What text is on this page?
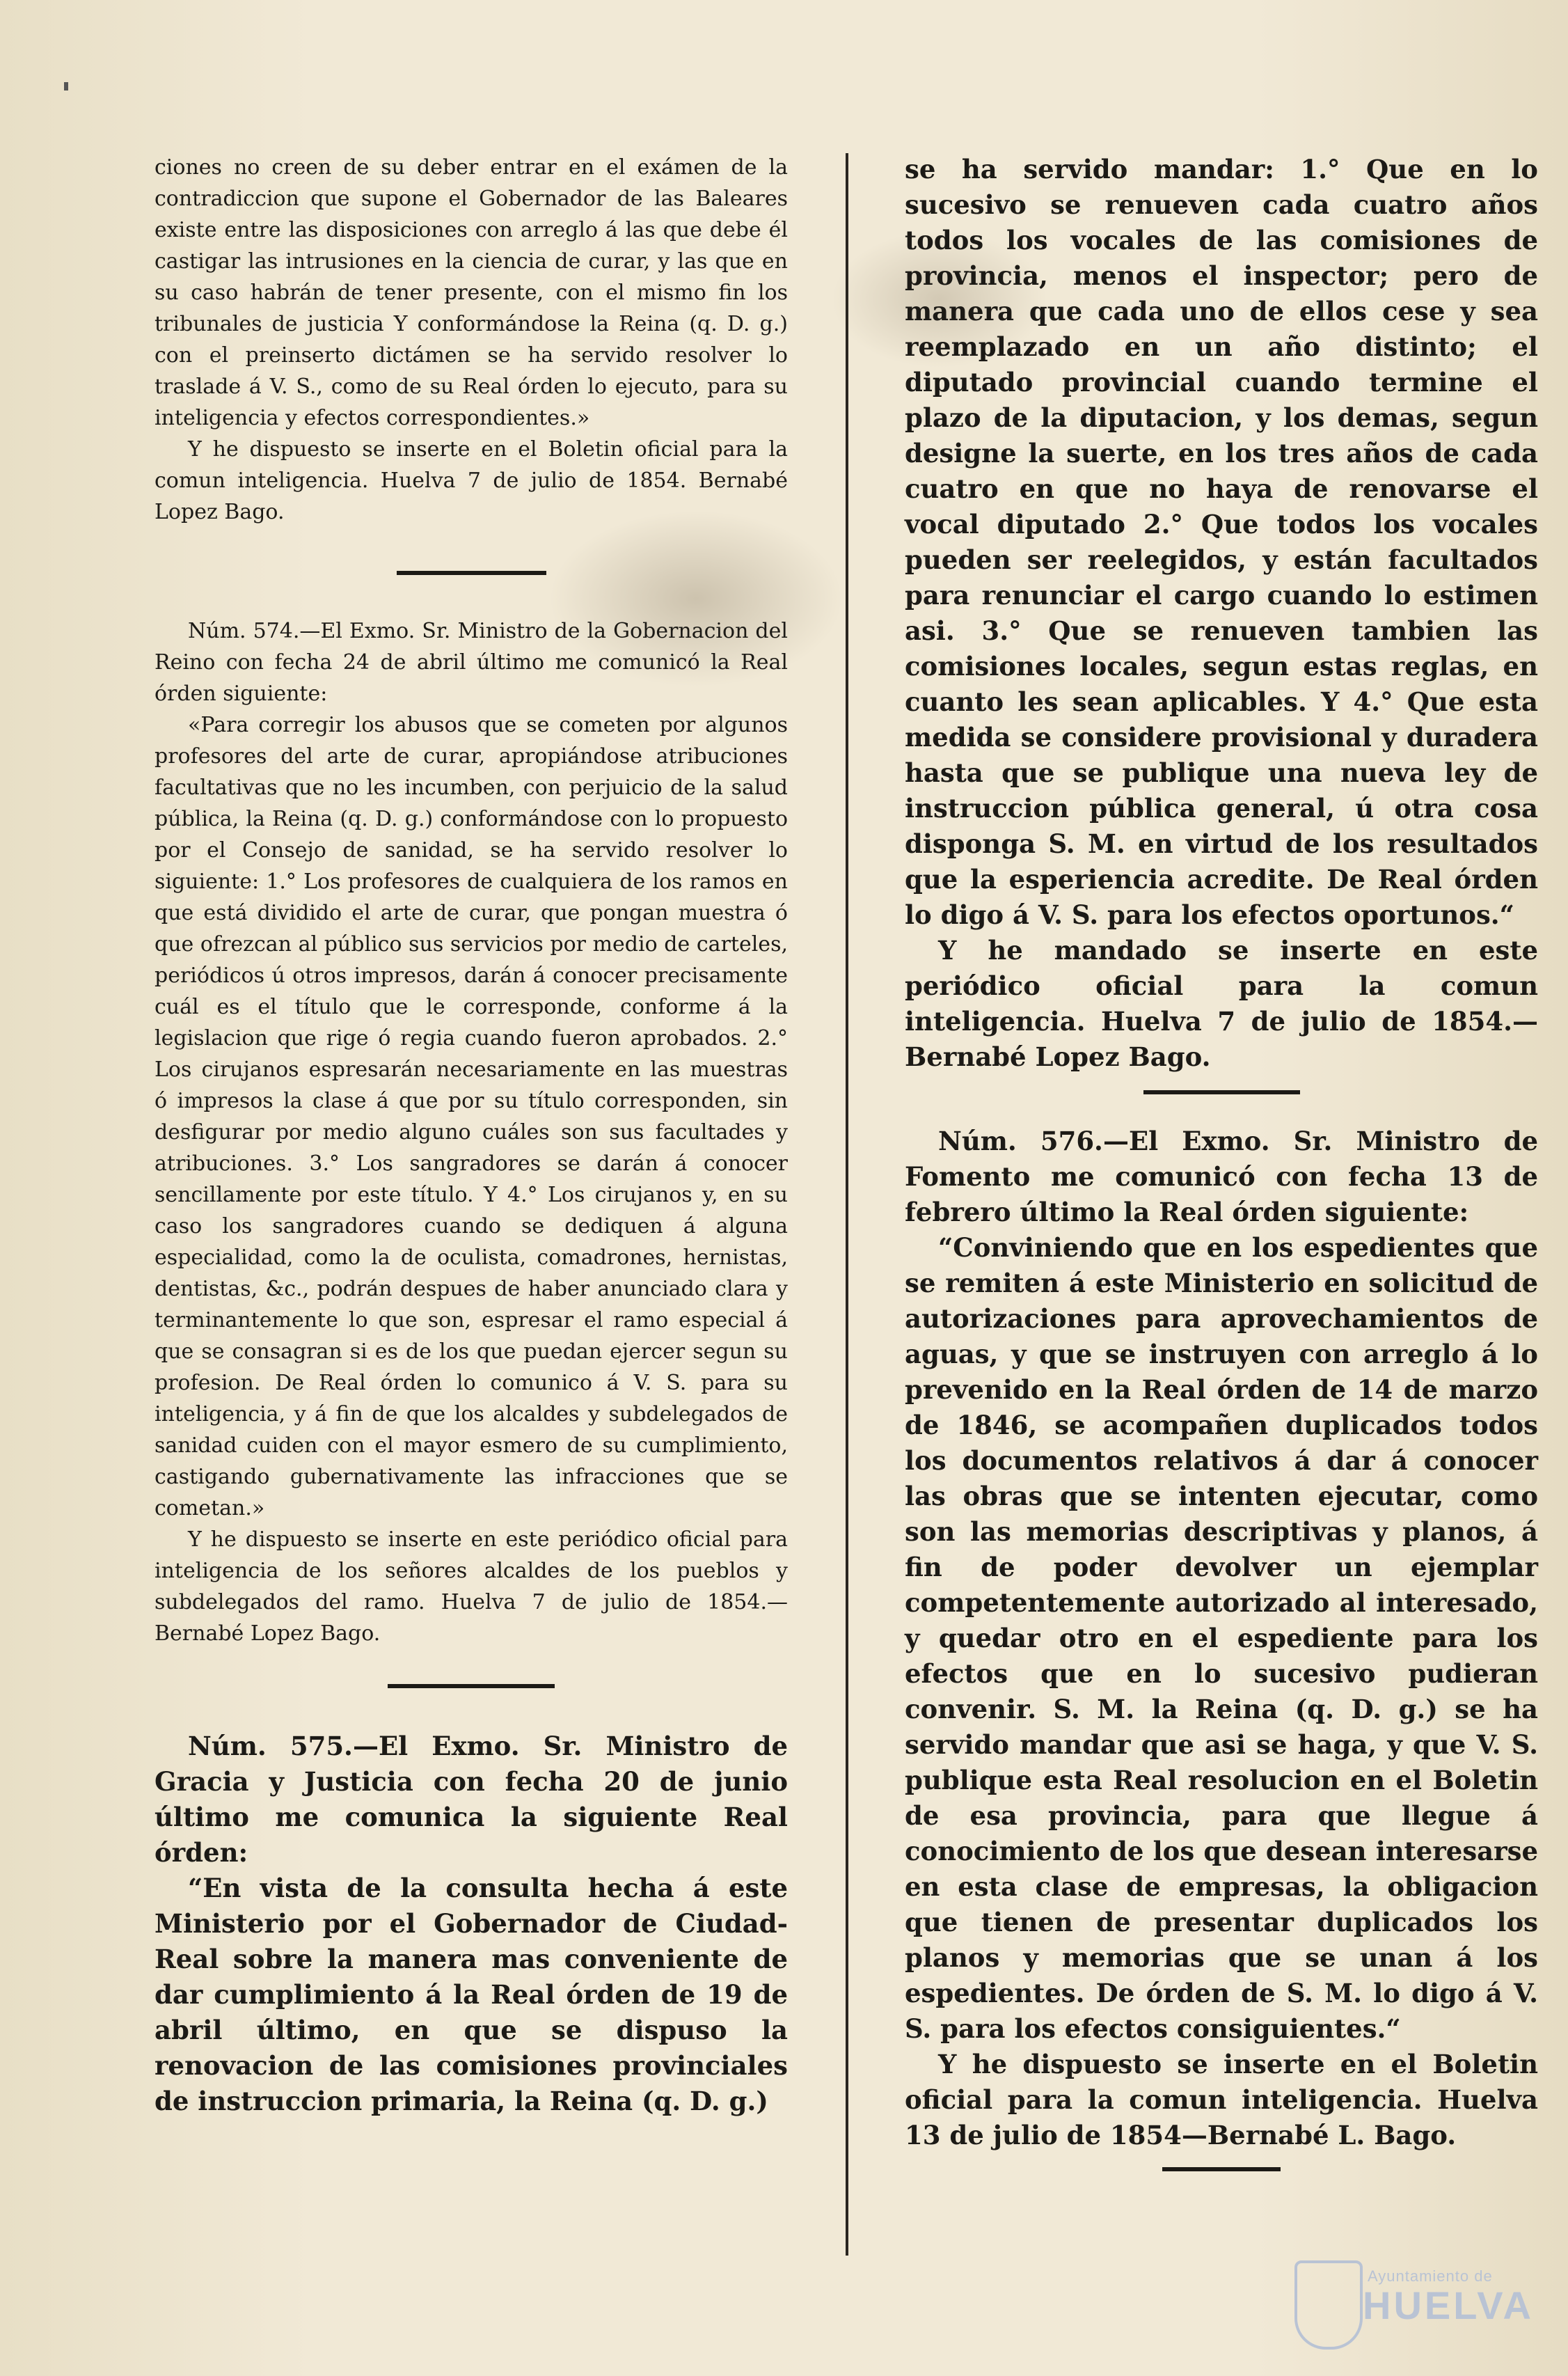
ciones no creen de su deber entrar en el exámen de la contradiccion que supone el Gobernador de las Baleares existe entre las disposiciones con arreglo á las que debe él castigar las intrusiones en la ciencia de curar, y las que en su caso habrán de tener presente, con el mismo fin los tribunales de justicia Y conformándose la Reina (q. D. g.) con el preinserto dictámen se ha servido resolver lo traslade á V. S., como de su Real órden lo ejecuto, para su inteligencia y efectos correspondientes.»

Y he dispuesto se inserte en el Boletin oficial para la comun inteligencia. Huelva 7 de julio de 1854. Bernabé Lopez Bago.

Núm. 574.—El Exmo. Sr. Ministro de la Gobernacion del Reino con fecha 24 de abril último me comunicó la Real órden siguiente:

«Para corregir los abusos que se cometen por algunos profesores del arte de curar, apropiándose atribuciones facultativas que no les incumben, con perjuicio de la salud pública, la Reina (q. D. g.) conformándose con lo propuesto por el Consejo de sanidad, se ha servido resolver lo siguiente: 1.° Los profesores de cualquiera de los ramos en que está dividido el arte de curar, que pongan muestra ó que ofrezcan al público sus servicios por medio de carteles, periódicos ú otros impresos, darán á conocer precisamente cuál es el título que le corresponde, conforme á la legislacion que rige ó regia cuando fueron aprobados. 2.° Los cirujanos espresarán necesariamente en las muestras ó impresos la clase á que por su título corresponden, sin desfigurar por medio alguno cuáles son sus facultades y atribuciones. 3.° Los sangradores se darán á conocer sencillamente por este título. Y 4.° Los cirujanos y, en su caso los sangradores cuando se dediquen á alguna especialidad, como la de oculista, comadrones, hernistas, dentistas, &c., podrán despues de haber anunciado clara y terminantemente lo que son, espresar el ramo especial á que se consagran si es de los que puedan ejercer segun su profesion. De Real órden lo comunico á V. S. para su inteligencia, y á fin de que los alcaldes y subdelegados de sanidad cuiden con el mayor esmero de su cumplimiento, castigando gubernativamente las infracciones que se cometan.»

Y he dispuesto se inserte en este periódico oficial para inteligencia de los señores alcaldes de los pueblos y subdelegados del ramo. Huelva 7 de julio de 1854.—Bernabé Lopez Bago.

Núm. 575.—El Exmo. Sr. Ministro de Gracia y Justicia con fecha 20 de junio último me comunica la siguiente Real órden:

“En vista de la consulta hecha á este Ministerio por el Gobernador de Ciudad-Real sobre la manera mas conveniente de dar cumplimiento á la Real órden de 19 de abril último, en que se dispuso la renovacion de las comisiones provinciales de instruccion primaria, la Reina (q. D. g.)

se ha servido mandar: 1.° Que en lo sucesivo se renueven cada cuatro años todos los vocales de las comisiones de provincia, menos el inspector; pero de manera que cada uno de ellos cese y sea reemplazado en un año distinto; el diputado provincial cuando termine el plazo de la diputacion, y los demas, segun designe la suerte, en los tres años de cada cuatro en que no haya de renovarse el vocal diputado 2.° Que todos los vocales pueden ser reelegidos, y están facultados para renunciar el cargo cuando lo estimen asi. 3.° Que se renueven tambien las comisiones locales, segun estas reglas, en cuanto les sean aplicables. Y 4.° Que esta medida se considere provisional y duradera hasta que se publique una nueva ley de instruccion pública general, ú otra cosa disponga S. M. en virtud de los resultados que la esperiencia acredite. De Real órden lo digo á V. S. para los efectos oportunos.“

Y he mandado se inserte en este periódico oficial para la comun inteligencia. Huelva 7 de julio de 1854.—Bernabé Lopez Bago.

Núm. 576.—El Exmo. Sr. Ministro de Fomento me comunicó con fecha 13 de febrero último la Real órden siguiente:

“Conviniendo que en los espedientes que se remiten á este Ministerio en solicitud de autorizaciones para aprovechamientos de aguas, y que se instruyen con arreglo á lo prevenido en la Real órden de 14 de marzo de 1846, se acompañen duplicados todos los documentos relativos á dar á conocer las obras que se intenten ejecutar, como son las memorias descriptivas y planos, á fin de poder devolver un ejemplar competentemente autorizado al interesado, y quedar otro en el espediente para los efectos que en lo sucesivo pudieran convenir. S. M. la Reina (q. D. g.) se ha servido mandar que asi se haga, y que V. S. publique esta Real resolucion en el Boletin de esa provincia, para que llegue á conocimiento de los que desean interesarse en esta clase de empresas, la obligacion que tienen de presentar duplicados los planos y memorias que se unan á los espedientes. De órden de S. M. lo digo á V. S. para los efectos consiguientes.“

Y he dispuesto se inserte en el Boletin oficial para la comun inteligencia. Huelva 13 de julio de 1854—Bernabé L. Bago.

Ayuntamiento de
HUELVA
